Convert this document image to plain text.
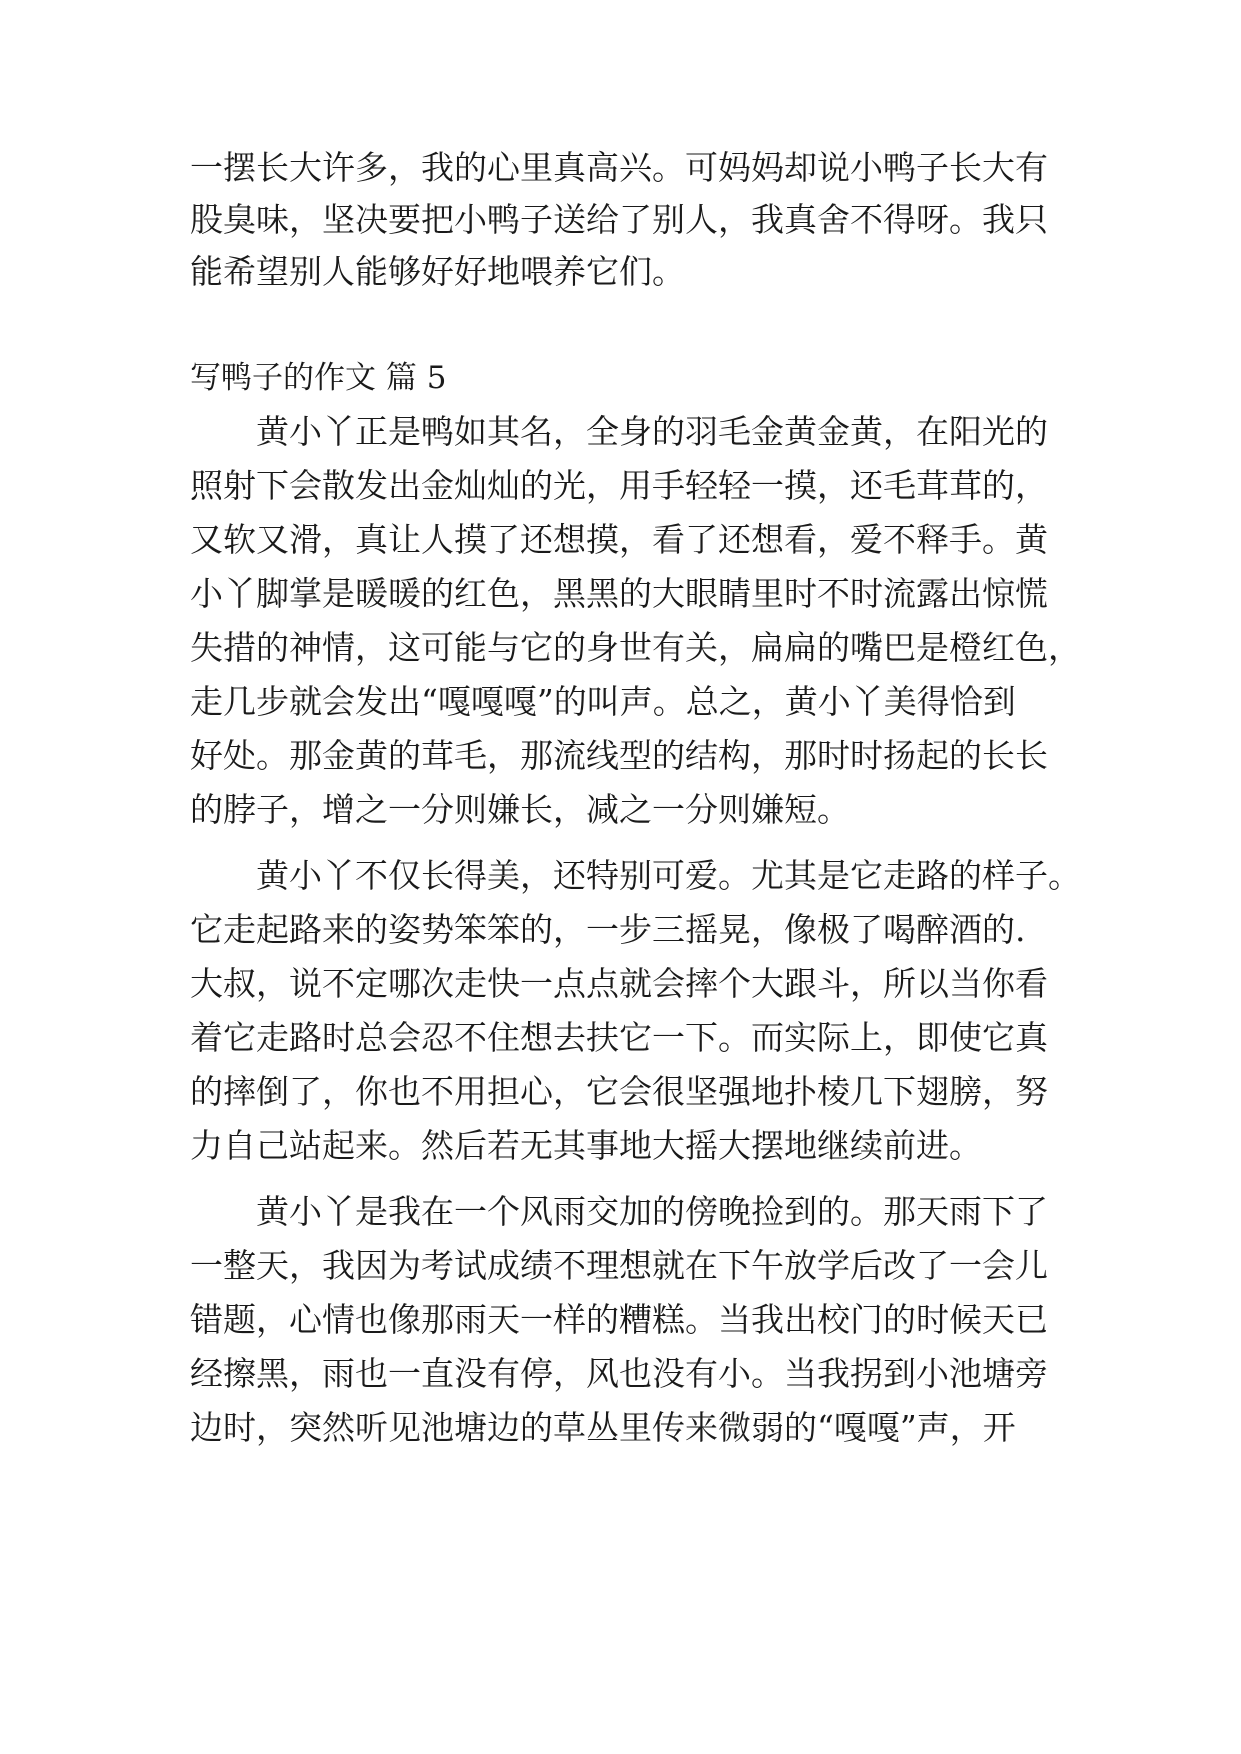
一摆长大许多，我的心里真高兴。可妈妈却说小鸭子长大有
股臭味，坚决要把小鸭子送给了别人，我真舍不得呀。我只
能希望别人能够好好地喂养它们。
写鸭子的作文 篇 5
黄小丫正是鸭如其名，全身的羽毛金黄金黄，在阳光的
照射下会散发出金灿灿的光，用手轻轻一摸，还毛茸茸的，
又软又滑，真让人摸了还想摸，看了还想看，爱不释手。黄
小丫脚掌是暖暖的红色，黑黑的大眼睛里时不时流露出惊慌
失措的神情，这可能与它的身世有关，扁扁的嘴巴是橙红色，
走几步就会发出“嘎嘎嘎”的叫声。总之，黄小丫美得恰到
好处。那金黄的茸毛，那流线型的结构，那时时扬起的长长
的脖子，增之一分则嫌长，减之一分则嫌短。
黄小丫不仅长得美，还特别可爱。尤其是它走路的样子。
它走起路来的姿势笨笨的，一步三摇晃，像极了喝醉酒的.
大叔，说不定哪次走快一点点就会摔个大跟斗，所以当你看
着它走路时总会忍不住想去扶它一下。而实际上，即使它真
的摔倒了，你也不用担心，它会很坚强地扑棱几下翅膀，努
力自己站起来。然后若无其事地大摇大摆地继续前进。
黄小丫是我在一个风雨交加的傍晚捡到的。那天雨下了
一整天，我因为考试成绩不理想就在下午放学后改了一会儿
错题，心情也像那雨天一样的糟糕。当我出校门的时候天已
经擦黑，雨也一直没有停，风也没有小。当我拐到小池塘旁
边时，突然听见池塘边的草丛里传来微弱的“嘎嘎”声，开
